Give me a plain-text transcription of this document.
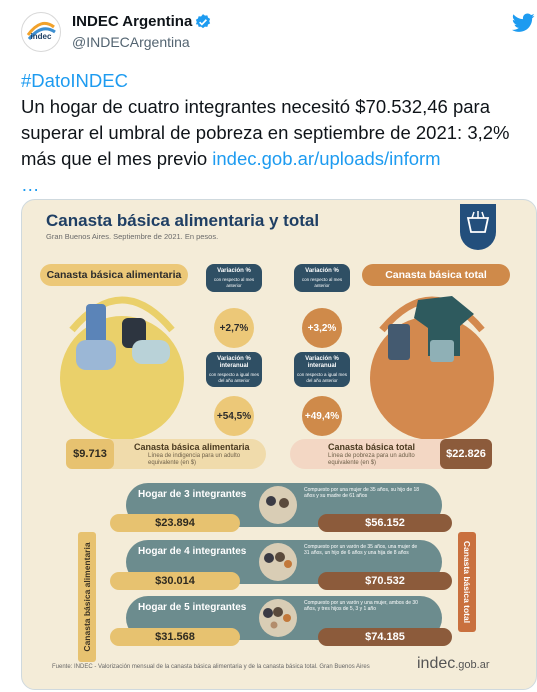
indec
INDEC Argentina
@INDECArgentina
#DatoINDEC
Un hogar de cuatro integrantes necesitó $70.532,46 para superar el umbral de pobreza en septiembre de 2021: 3,2% más que el mes previo indec.gob.ar/uploads/inform
…
Canasta básica alimentaria y total
Gran Buenos Aires. Septiembre de 2021. En pesos.
Canasta básica alimentaria	Canasta básica total
Variación %
con respecto al mes anterior
+2,7%
Variación %
con respecto al mes anterior
+3,2%
Variación % interanual
con respecto a igual mes del año anterior
+54,5%
Variación % interanual
con respecto a igual mes del año anterior
+49,4%
Canasta básica alimentaria
Línea de indigencia para un adulto equivalente (en $)
$9.713
Canasta básica total
Línea de pobreza para un adulto equivalente (en $)
$22.826
Canasta básica alimentaria	Canasta básica total
Hogar de 3 integrantes	Compuesto por una mujer de 35 años, su hijo de 18 años y su madre de 61 años
$23.894	$56.152
Hogar de 4 integrantes	Compuesto por un varón de 35 años, una mujer de 31 años, un hijo de 6 años y una hija de 8 años
$30.014	$70.532
Hogar de 5 integrantes	Compuesto por un varón y una mujer, ambos de 30 años, y tres hijos de 5, 3 y 1 año
$31.568	$74.185
Fuente: INDEC - Valorización mensual de la canasta básica alimentaria y de la canasta básica total. Gran Buenos Aires	indec.gob.ar
